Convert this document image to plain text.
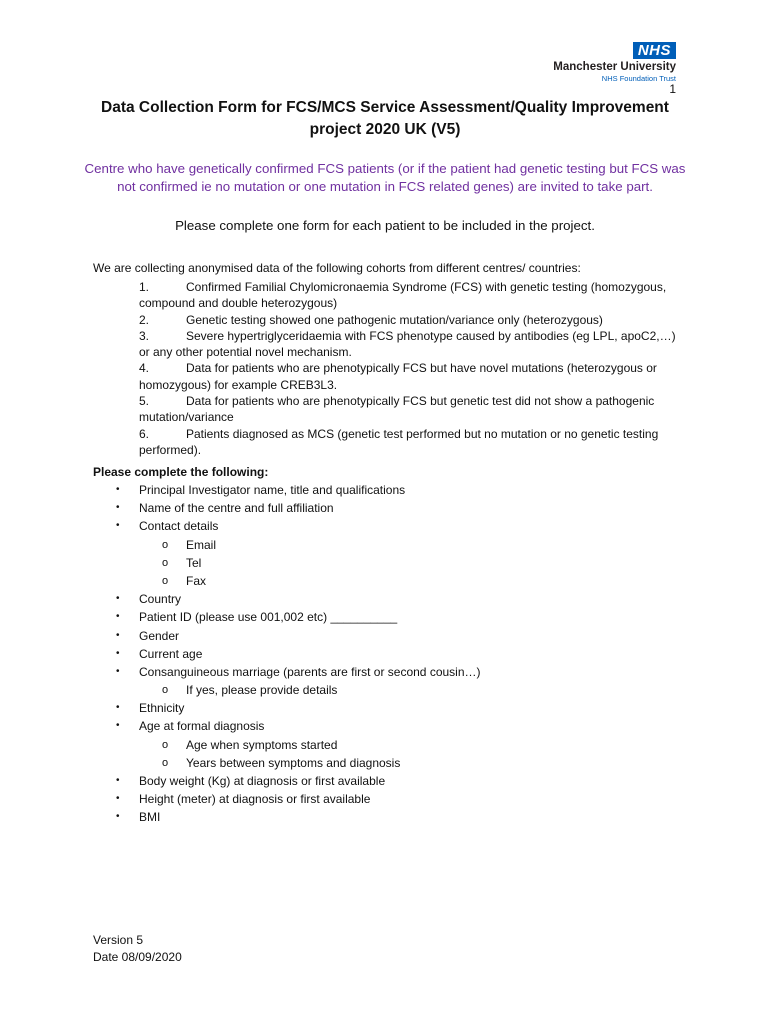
NHS
Manchester University
NHS Foundation Trust
1
Data Collection Form for FCS/MCS Service Assessment/Quality Improvement project 2020 UK (V5)
Centre who have genetically confirmed FCS patients (or if the patient had genetic testing but FCS was not confirmed ie no mutation or one mutation in FCS related genes) are invited to take part.
Please complete one form for each patient to be included in the project.
We are collecting anonymised data of the following cohorts from different centres/ countries:
1.	Confirmed Familial Chylomicronaemia Syndrome (FCS) with genetic testing (homozygous, compound and double heterozygous)
2.	Genetic testing showed one pathogenic mutation/variance only (heterozygous)
3.	Severe hypertriglyceridaemia with FCS phenotype caused by antibodies (eg LPL, apoC2,…) or any other potential novel mechanism.
4.	Data for patients who are phenotypically FCS but have novel mutations (heterozygous or homozygous) for example CREB3L3.
5.	Data for patients who are phenotypically FCS but genetic test did not show a pathogenic mutation/variance
6.	Patients diagnosed as MCS (genetic test performed but no mutation or no genetic testing performed).
Please complete the following:
• Principal Investigator name, title and qualifications
• Name of the centre and full affiliation
• Contact details
o Email
o Tel
o Fax
• Country
• Patient ID (please use 001,002 etc) __________
• Gender
• Current age
• Consanguineous marriage (parents are first or second cousin…)
o If yes, please provide details
• Ethnicity
• Age at formal diagnosis
o Age when symptoms started
o Years between symptoms and diagnosis
• Body weight (Kg) at diagnosis or first available
• Height (meter) at diagnosis or first available
• BMI
Version 5
Date 08/09/2020
